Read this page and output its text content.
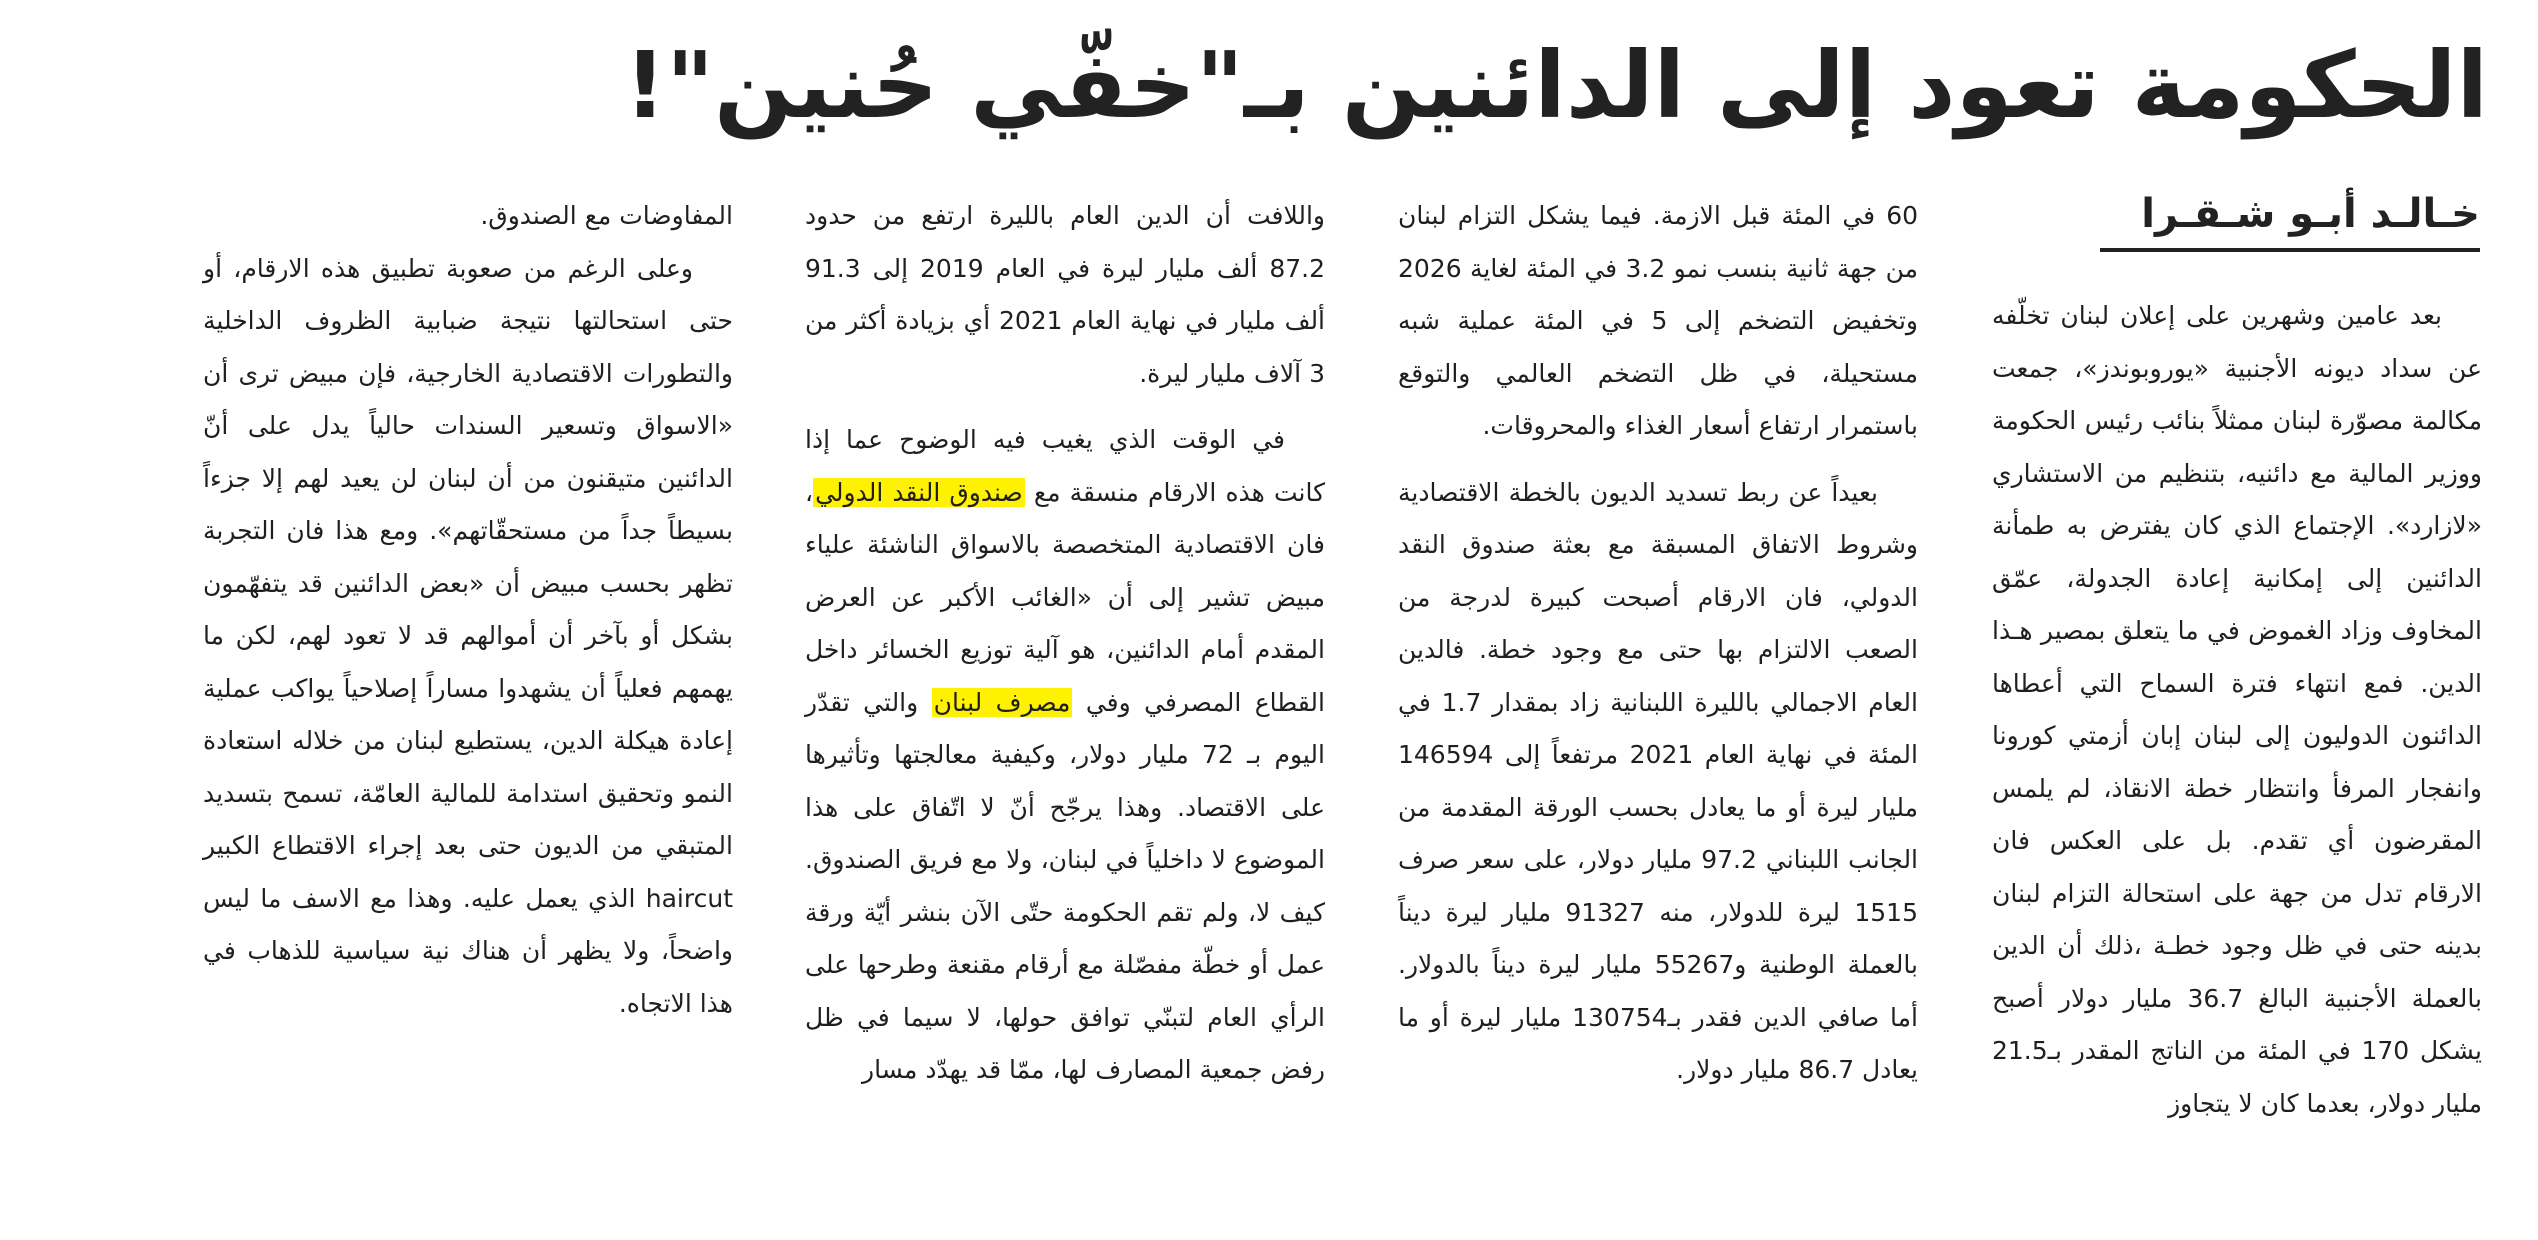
الحكومة تعود إلى الدائنين بـ"خفّي حُنين"!
خـالـد أبـو شـقـرا

بعد عامين وشهرين على إعلان لبنان تخلّفه عن سداد ديونه الأجنبية «يوروبوندز»، جمعت مكالمة مصوّرة لبنان ممثلاً بنائب رئيس الحكومة ووزير المالية مع دائنيه، بتنظيم من الاستشاري «لازارد». الإجتماع الذي كان يفترض به طمأنة الدائنين إلى إمكانية إعادة الجدولة، عمّق المخاوف وزاد الغموض في ما يتعلق بمصير هـذا الدين. فمع انتهاء فترة السماح التي أعطاها الدائنون الدوليون إلى لبنان إبان أزمتي كورونا وانفجار المرفأ وانتظار خطة الانقاذ، لم يلمس المقرضون أي تقدم. بل على العكس فان الارقام تدل من جهة على استحالة التزام لبنان بدينه حتى في ظل وجود خطـة ،ذلك أن الدين بالعملة الأجنبية البالغ 36.7 مليار دولار أصبح يشكل 170 في المئة من الناتج المقدر بـ21.5 مليار دولار، بعدما كان لا يتجاوز

60 في المئة قبل الازمة. فيما يشكل التزام لبنان من جهة ثانية بنسب نمو 3.2 في المئة لغاية 2026 وتخفيض التضخم إلى 5 في المئة عملية شبه مستحيلة، في ظل التضخم العالمي والتوقع باستمرار ارتفاع أسعار الغذاء والمحروقات.

بعيداً عن ربط تسديد الديون بالخطة الاقتصادية وشروط الاتفاق المسبقة مع بعثة صندوق النقد الدولي، فان الارقام أصبحت كبيرة لدرجة من الصعب الالتزام بها حتى مع وجود خطة. فالدين العام الاجمالي بالليرة اللبنانية زاد بمقدار 1.7 في المئة في نهاية العام 2021 مرتفعاً إلى 146594 مليار ليرة أو ما يعادل بحسب الورقة المقدمة من الجانب اللبناني 97.2 مليار دولار، على سعر صرف 1515 ليرة للدولار، منه 91327 مليار ليرة ديناً بالعملة الوطنية و55267 مليار ليرة ديناً بالدولار. أما صافي الدين فقدر بـ130754 مليار ليرة أو ما يعادل 86.7 مليار دولار.

واللافت أن الدين العام بالليرة ارتفع من حدود 87.2 ألف مليار ليرة في العام 2019 إلى 91.3 ألف مليار في نهاية العام 2021 أي بزيادة أكثر من 3 آلاف مليار ليرة.

في الوقت الذي يغيب فيه الوضوح عما إذا كانت هذه الارقام منسقة مع صندوق النقد الدولي، فان الاقتصادية المتخصصة بالاسواق الناشئة علياء مبيض تشير إلى أن «الغائب الأكبر عن العرض المقدم أمام الدائنين، هو آلية توزيع الخسائر داخل القطاع المصرفي وفي مصرف لبنان والتي تقدّر اليوم بـ 72 مليار دولار، وكيفية معالجتها وتأثيرها على الاقتصاد. وهذا يرجّح أنّ لا اتّفاق على هذا الموضوع لا داخلياً في لبنان، ولا مع فريق الصندوق. كيف لا، ولم تقم الحكومة حتّى الآن بنشر أيّة ورقة عمل أو خطّة مفصّلة مع أرقام مقنعة وطرحها على الرأي العام لتبنّي توافق حولها، لا سيما في ظل رفض جمعية المصارف لها، ممّا قد يهدّد مسار

المفاوضات مع الصندوق.

وعلى الرغم من صعوبة تطبيق هذه الارقام، أو حتى استحالتها نتيجة ضبابية الظروف الداخلية والتطورات الاقتصادية الخارجية، فإن مبيض ترى أن «الاسواق وتسعير السندات حالياً يدل على أنّ الدائنين متيقنون من أن لبنان لن يعيد لهم إلا جزءاً بسيطاً جداً من مستحقّاتهم». ومع هذا فان التجربة تظهر بحسب مبيض أن «بعض الدائنين قد يتفهّمون بشكل أو بآخر أن أموالهم قد لا تعود لهم، لكن ما يهمهم فعلياً أن يشهدوا مساراً إصلاحياً يواكب عملية إعادة هيكلة الدين، يستطيع لبنان من خلاله استعادة النمو وتحقيق استدامة للمالية العامّة، تسمح بتسديد المتبقي من الديون حتى بعد إجراء الاقتطاع الكبير haircut الذي يعمل عليه. وهذا مع الاسف ما ليس واضحاً، ولا يظهر أن هناك نية سياسية للذهاب في هذا الاتجاه.
